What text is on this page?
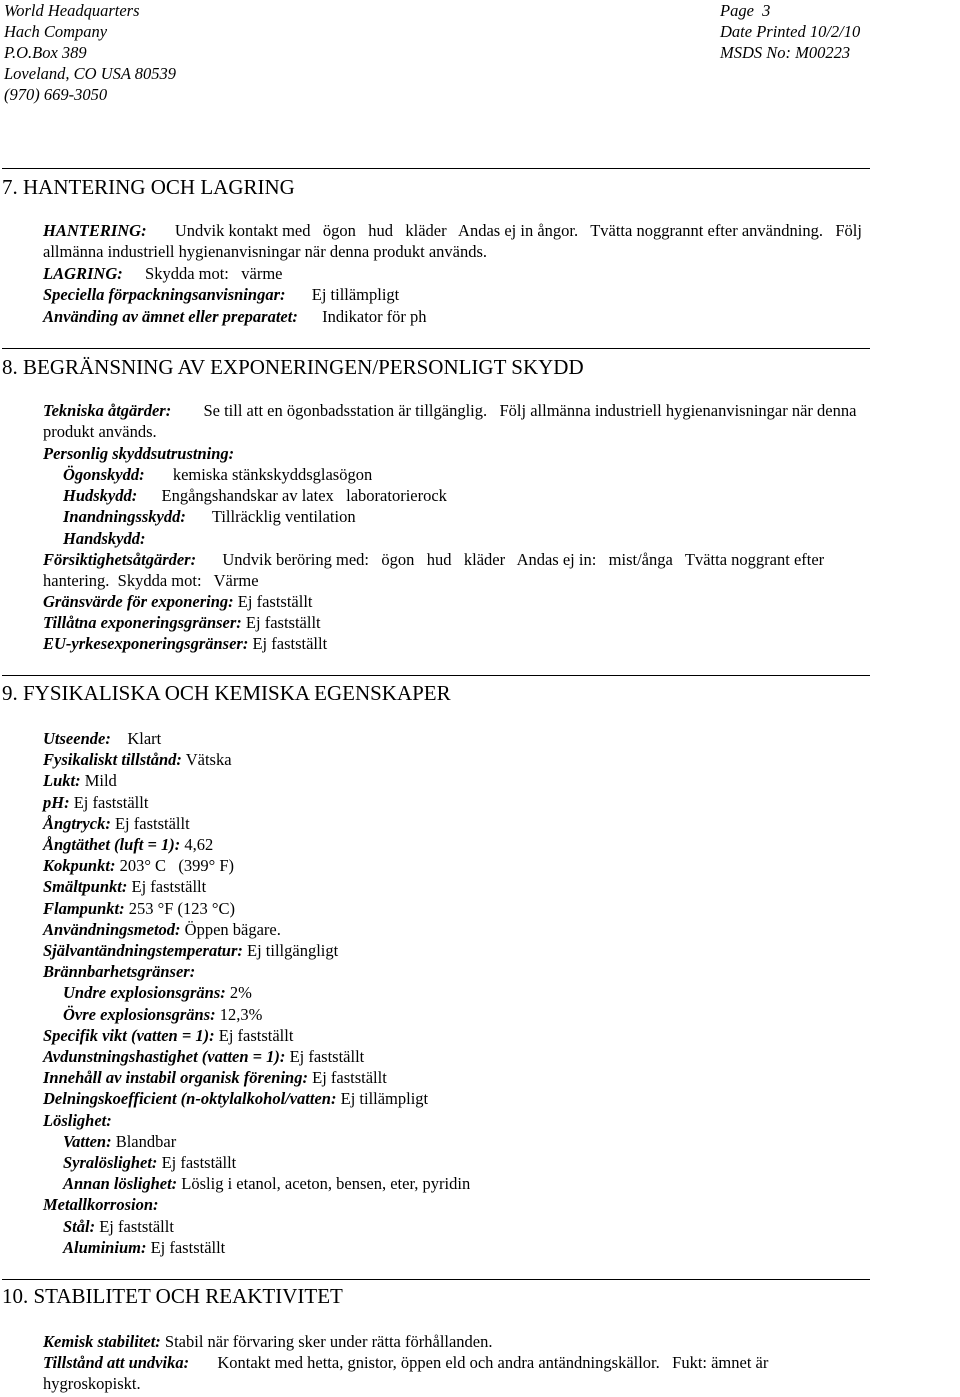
World Headquarters
Hach Company
P.O.Box 389
Loveland, CO USA 80539
(970) 669-3050
Page  3
Date Printed 10/2/10
MSDS No: M00223
7. HANTERING OCH LAGRING
HANTERING: Undvik kontakt med   ögon   hud   kläder   Andas ej in ångor.   Tvätta noggrannt efter användning.   Följ
allmänna industriell hygienanvisningar när denna produkt används.
LAGRING: Skydda mot:   värme
Speciella förpackningsanvisningar: Ej tillämpligt
Använding av ämnet eller preparatet: Indikator för ph
8. BEGRÄNSNING AV EXPONERINGEN/PERSONLIGT SKYDD
Tekniska åtgärder: Se till att en ögonbadsstation är tillgänglig.   Följ allmänna industriell hygienanvisningar när denna
produkt används.
Personlig skyddsutrustning:
Ögonskydd: kemiska stänkskyddsglasögon
Hudskydd: Engångshandskar av latex   laboratorierock
Inandningsskydd: Tillräcklig ventilation
Handskydd:
Försiktighetsåtgärder: Undvik beröring med:   ögon   hud   kläder   Andas ej in:   mist/ånga   Tvätta noggrant efter
hantering.  Skydda mot:   Värme
Gränsvärde för exponering: Ej fastställt
Tillåtna exponeringsgränser: Ej fastställt
EU-yrkesexponeringsgränser: Ej fastställt
9. FYSIKALISKA OCH KEMISKA EGENSKAPER
Utseende:    Klart
Fysikaliskt tillstånd: Vätska
Lukt: Mild
pH: Ej fastställt
Ångtryck: Ej fastställt
Ångtäthet (luft = 1): 4,62
Kokpunkt: 203° C   (399° F)
Smältpunkt: Ej fastställt
Flampunkt: 253 °F (123 °C)
Användningsmetod: Öppen bägare.
Självantändningstemperatur: Ej tillgängligt
Brännbarhetsgränser:
Undre explosionsgräns: 2%
Övre explosionsgräns: 12,3%
Specifik vikt (vatten = 1): Ej fastställt
Avdunstningshastighet (vatten = 1): Ej fastställt
Innehåll av instabil organisk förening: Ej fastställt
Delningskoefficient (n-oktylalkohol/vatten: Ej tillämpligt
Löslighet:
Vatten: Blandbar
Syralöslighet: Ej fastställt
Annan löslighet: Löslig i etanol, aceton, bensen, eter, pyridin
Metallkorrosion:
Stål: Ej fastställt
Aluminium: Ej fastställt
10. STABILITET OCH REAKTIVITET
Kemisk stabilitet: Stabil när förvaring sker under rätta förhållanden.
Tillstånd att undvika: Kontakt med hetta, gnistor, öppen eld och andra antändningskällor.   Fukt: ämnet är
hygroskopiskt.
